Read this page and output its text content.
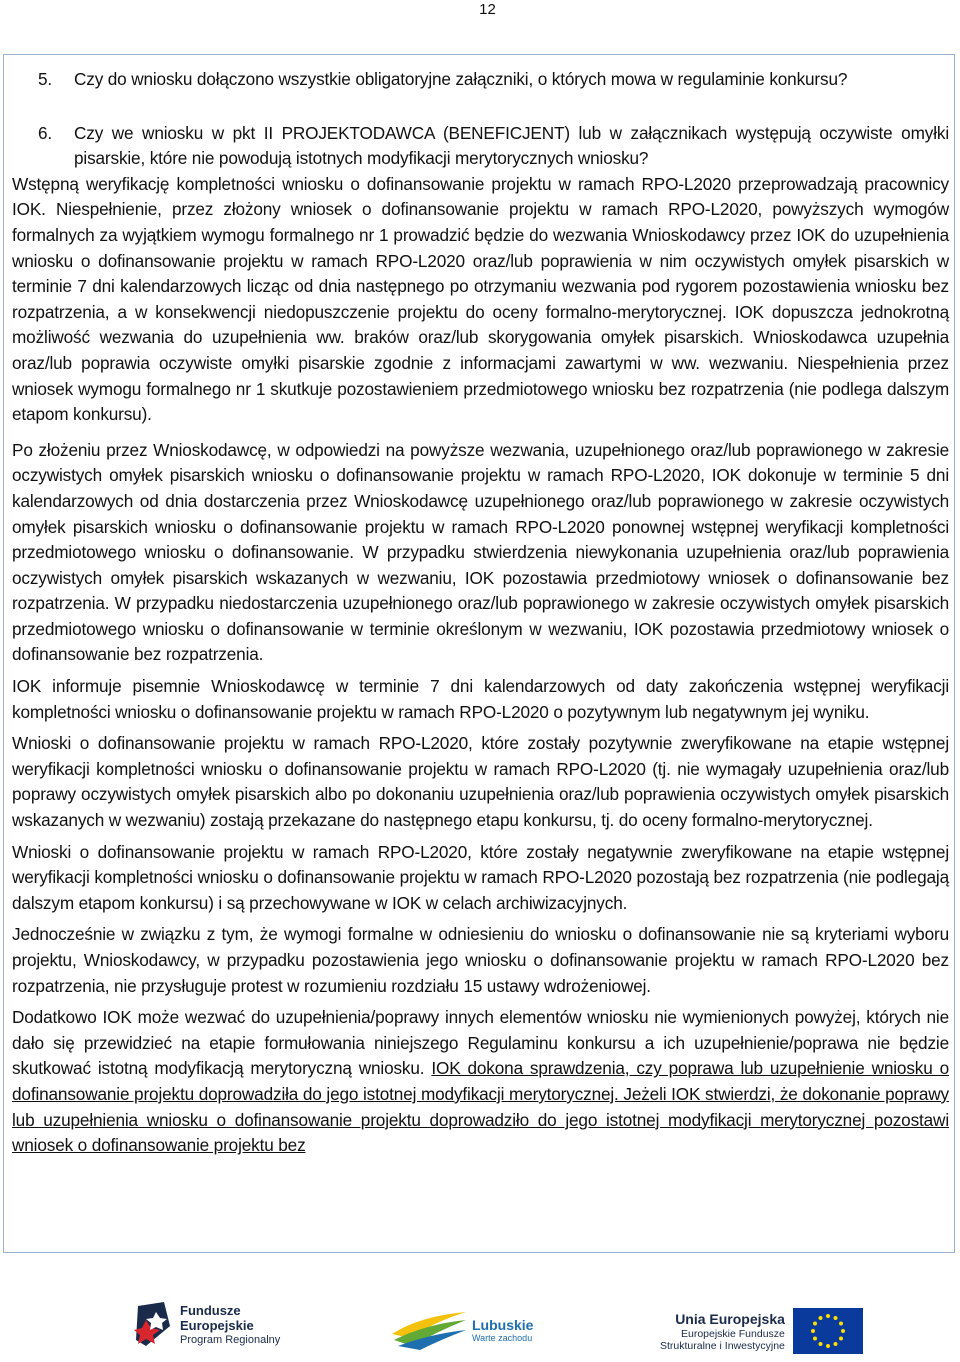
12
5.	Czy do wniosku dołączono wszystkie obligatoryjne załączniki, o których mowa w regulaminie konkursu?
6.	Czy we wniosku w pkt II PROJEKTODAWCA (BENEFICJENT) lub w załącznikach występują oczywiste omyłki pisarskie, które nie powodują istotnych modyfikacji merytorycznych wniosku?

Wstępną weryfikację kompletności wniosku o dofinansowanie projektu w ramach RPO-L2020 przeprowadzają pracownicy IOK. Niespełnienie, przez złożony wniosek o dofinansowanie projektu w ramach RPO-L2020, powyższych wymogów formalnych za wyjątkiem wymogu formalnego nr 1 prowadzić będzie do wezwania Wnioskodawcy przez IOK do uzupełnienia wniosku o dofinansowanie projektu w ramach RPO-L2020 oraz/lub poprawienia w nim oczywistych omyłek pisarskich w terminie 7 dni kalendarzowych licząc od dnia następnego po otrzymaniu wezwania pod rygorem pozostawienia wniosku bez rozpatrzenia, a w konsekwencji niedopuszczenie projektu do oceny formalno-merytorycznej. IOK dopuszcza jednokrotną możliwość wezwania do uzupełnienia ww. braków oraz/lub skorygowania omyłek pisarskich. Wnioskodawca uzupełnia oraz/lub poprawia oczywiste omyłki pisarskie zgodnie z informacjami zawartymi w ww. wezwaniu. Niespełnienia przez wniosek wymogu formalnego nr 1 skutkuje pozostawieniem przedmiotowego wniosku bez rozpatrzenia (nie podlega dalszym etapom konkursu).

Po złożeniu przez Wnioskodawcę, w odpowiedzi na powyższe wezwania, uzupełnionego oraz/lub poprawionego w zakresie oczywistych omyłek pisarskich wniosku o dofinansowanie projektu w ramach RPO-L2020, IOK dokonuje w terminie 5 dni kalendarzowych od dnia dostarczenia przez Wnioskodawcę uzupełnionego oraz/lub poprawionego w zakresie oczywistych omyłek pisarskich wniosku o dofinansowanie projektu w ramach RPO-L2020 ponownej wstępnej weryfikacji kompletności przedmiotowego wniosku o dofinansowanie. W przypadku stwierdzenia niewykonania uzupełnienia oraz/lub poprawienia oczywistych omyłek pisarskich wskazanych w wezwaniu, IOK pozostawia przedmiotowy wniosek o dofinansowanie bez rozpatrzenia. W przypadku niedostarczenia uzupełnionego oraz/lub poprawionego w zakresie oczywistych omyłek pisarskich przedmiotowego wniosku o dofinansowanie w terminie określonym w wezwaniu, IOK pozostawia przedmiotowy wniosek o dofinansowanie bez rozpatrzenia.

IOK informuje pisemnie Wnioskodawcę w terminie 7 dni kalendarzowych od daty zakończenia wstępnej weryfikacji kompletności wniosku o dofinansowanie projektu w ramach RPO-L2020 o pozytywnym lub negatywnym jej wyniku.

Wnioski o dofinansowanie projektu w ramach RPO-L2020, które zostały pozytywnie zweryfikowane na etapie wstępnej weryfikacji kompletności wniosku o dofinansowanie projektu w ramach RPO-L2020 (tj. nie wymagały uzupełnienia oraz/lub poprawy oczywistych omyłek pisarskich albo po dokonaniu uzupełnienia oraz/lub poprawienia oczywistych omyłek pisarskich wskazanych w wezwaniu) zostają przekazane do następnego etapu konkursu, tj. do oceny formalno-merytorycznej.

Wnioski o dofinansowanie projektu w ramach RPO-L2020, które zostały negatywnie zweryfikowane na etapie wstępnej weryfikacji kompletności wniosku o dofinansowanie projektu w ramach RPO-L2020 pozostają bez rozpatrzenia (nie podlegają dalszym etapom konkursu) i są przechowywane w IOK w celach archiwizacyjnych.

Jednocześnie w związku z tym, że wymogi formalne w odniesieniu do wniosku o dofinansowanie nie są kryteriami wyboru projektu, Wnioskodawcy, w przypadku pozostawienia jego wniosku o dofinansowanie projektu w ramach RPO-L2020 bez rozpatrzenia, nie przysługuje protest w rozumieniu rozdziału 15 ustawy wdrożeniowej.

Dodatkowo IOK może wezwać do uzupełnienia/poprawy innych elementów wniosku nie wymienionych powyżej, których nie dało się przewidzieć na etapie formułowania niniejszego Regulaminu konkursu a ich uzupełnienie/poprawa nie będzie skutkować istotną modyfikacją merytoryczną wniosku. IOK dokona sprawdzenia, czy poprawa lub uzupełnienie wniosku o dofinansowanie projektu doprowadziła do jego istotnej modyfikacji merytorycznej. Jeżeli IOK stwierdzi, że dokonanie poprawy lub uzupełnienia wniosku o dofinansowanie projektu doprowadziło do jego istotnej modyfikacji merytorycznej pozostawi wniosek o dofinansowanie projektu bez

Fundusze
Europejskie
Program Regionalny
Lubuskie
Warte zachodu
Unia Europejska
Europejskie Fundusze
Strukturalne i Inwestycyjne
